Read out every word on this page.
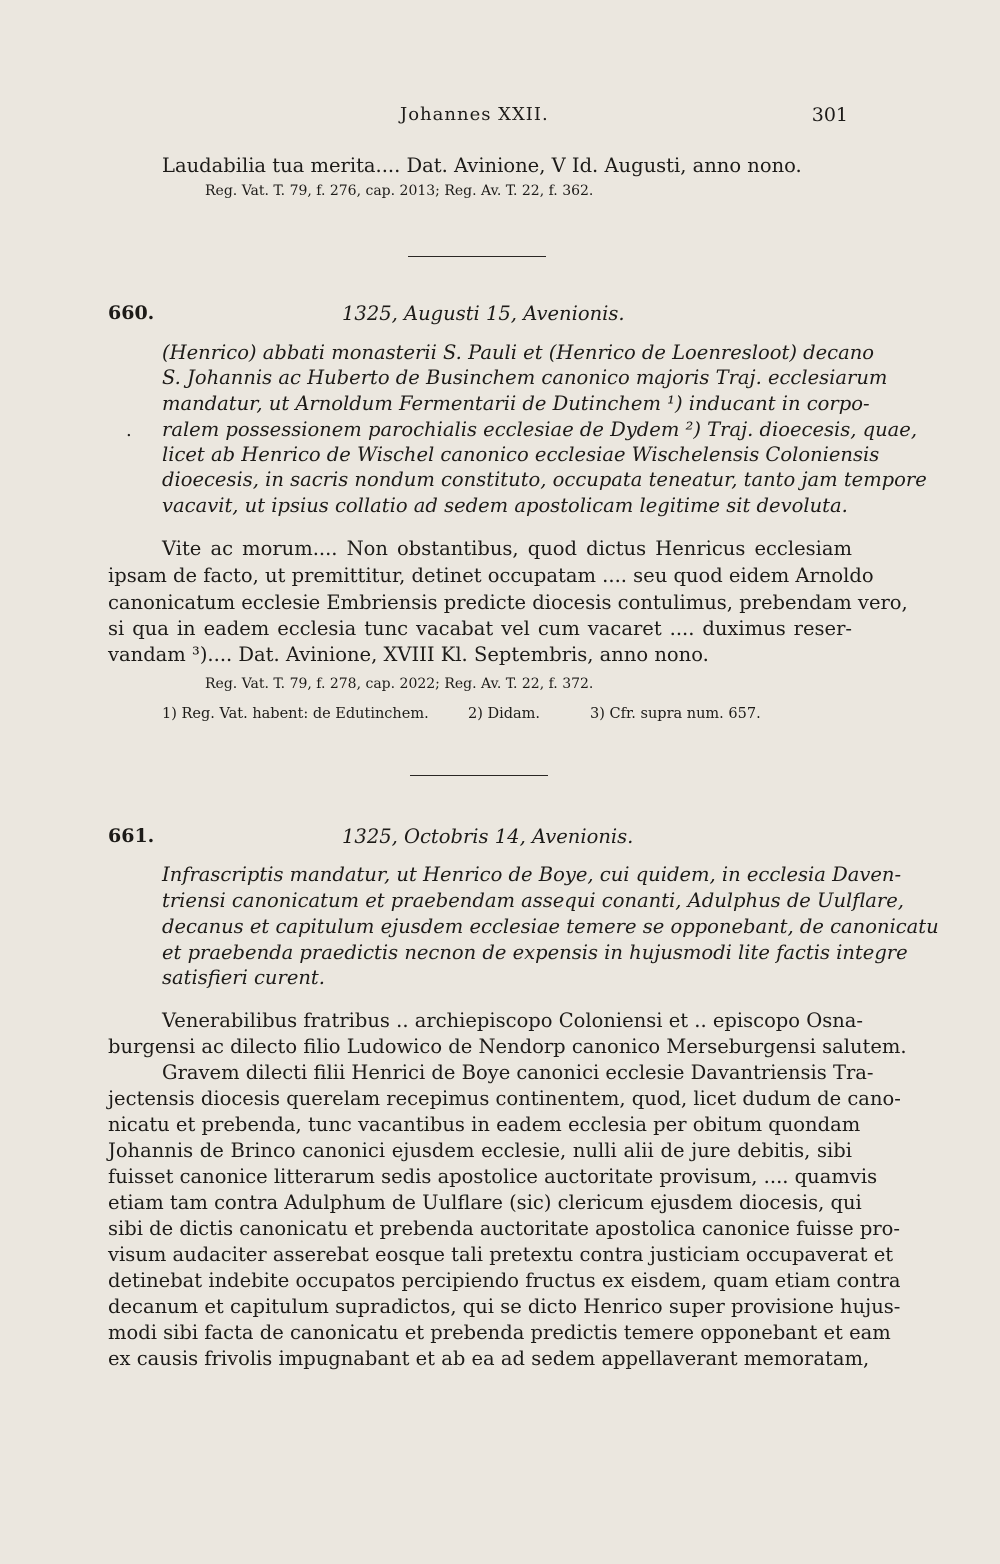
Johannes XXII.	301
Laudabilia tua merita.... Dat. Avinione, V Id. Augusti, anno nono.
Reg. Vat. T. 79, f. 276, cap. 2013; Reg. Av. T. 22, f. 362.
660.	1325, Augusti 15, Avenionis.
(Henrico) abbati monasterii S. Pauli et (Henrico de Loenresloot) decano
S. Johannis ac Huberto de Businchem canonico majoris Traj. ecclesiarum
mandatur, ut Arnoldum Fermentarii de Dutinchem ¹) inducant in corpo-
. ralem possessionem parochialis ecclesiae de Dydem ²) Traj. dioecesis, quae,
licet ab Henrico de Wischel canonico ecclesiae Wischelensis Coloniensis
dioecesis, in sacris nondum constituto, occupata teneatur, tanto jam tempore
vacavit, ut ipsius collatio ad sedem apostolicam legitime sit devoluta.
Vite ac morum.... Non obstantibus, quod dictus Henricus ecclesiam
ipsam de facto, ut premittitur, detinet occupatam .... seu quod eidem Arnoldo
canonicatum ecclesie Embriensis predicte diocesis contulimus, prebendam vero,
si qua in eadem ecclesia tunc vacabat vel cum vacaret .... duximus reser-
vandam ³).... Dat. Avinione, XVIII Kl. Septembris, anno nono.
Reg. Vat. T. 79, f. 278, cap. 2022; Reg. Av. T. 22, f. 372.
1) Reg. Vat. habent: de Edutinchem.	2) Didam.	3) Cfr. supra num. 657.
661.	1325, Octobris 14, Avenionis.
Infrascriptis mandatur, ut Henrico de Boye, cui quidem, in ecclesia Daven-
triensi canonicatum et praebendam assequi conanti, Adulphus de Uulflare,
decanus et capitulum ejusdem ecclesiae temere se opponebant, de canonicatu
et praebenda praedictis necnon de expensis in hujusmodi lite factis integre
satisfieri curent.
Venerabilibus fratribus .. archiepiscopo Coloniensi et .. episcopo Osna-
burgensi ac dilecto filio Ludowico de Nendorp canonico Merseburgensi salutem.
Gravem dilecti filii Henrici de Boye canonici ecclesie Davantriensis Tra-
jectensis diocesis querelam recepimus continentem, quod, licet dudum de cano-
nicatu et prebenda, tunc vacantibus in eadem ecclesia per obitum quondam
Johannis de Brinco canonici ejusdem ecclesie, nulli alii de jure debitis, sibi
fuisset canonice litterarum sedis apostolice auctoritate provisum, .... quamvis
etiam tam contra Adulphum de Uulflare (sic) clericum ejusdem diocesis, qui
sibi de dictis canonicatu et prebenda auctoritate apostolica canonice fuisse pro-
visum audaciter asserebat eosque tali pretextu contra justiciam occupaverat et
detinebat indebite occupatos percipiendo fructus ex eisdem, quam etiam contra
decanum et capitulum supradictos, qui se dicto Henrico super provisione hujus-
modi sibi facta de canonicatu et prebenda predictis temere opponebant et eam
ex causis frivolis impugnabant et ab ea ad sedem appellaverant memoratam,
